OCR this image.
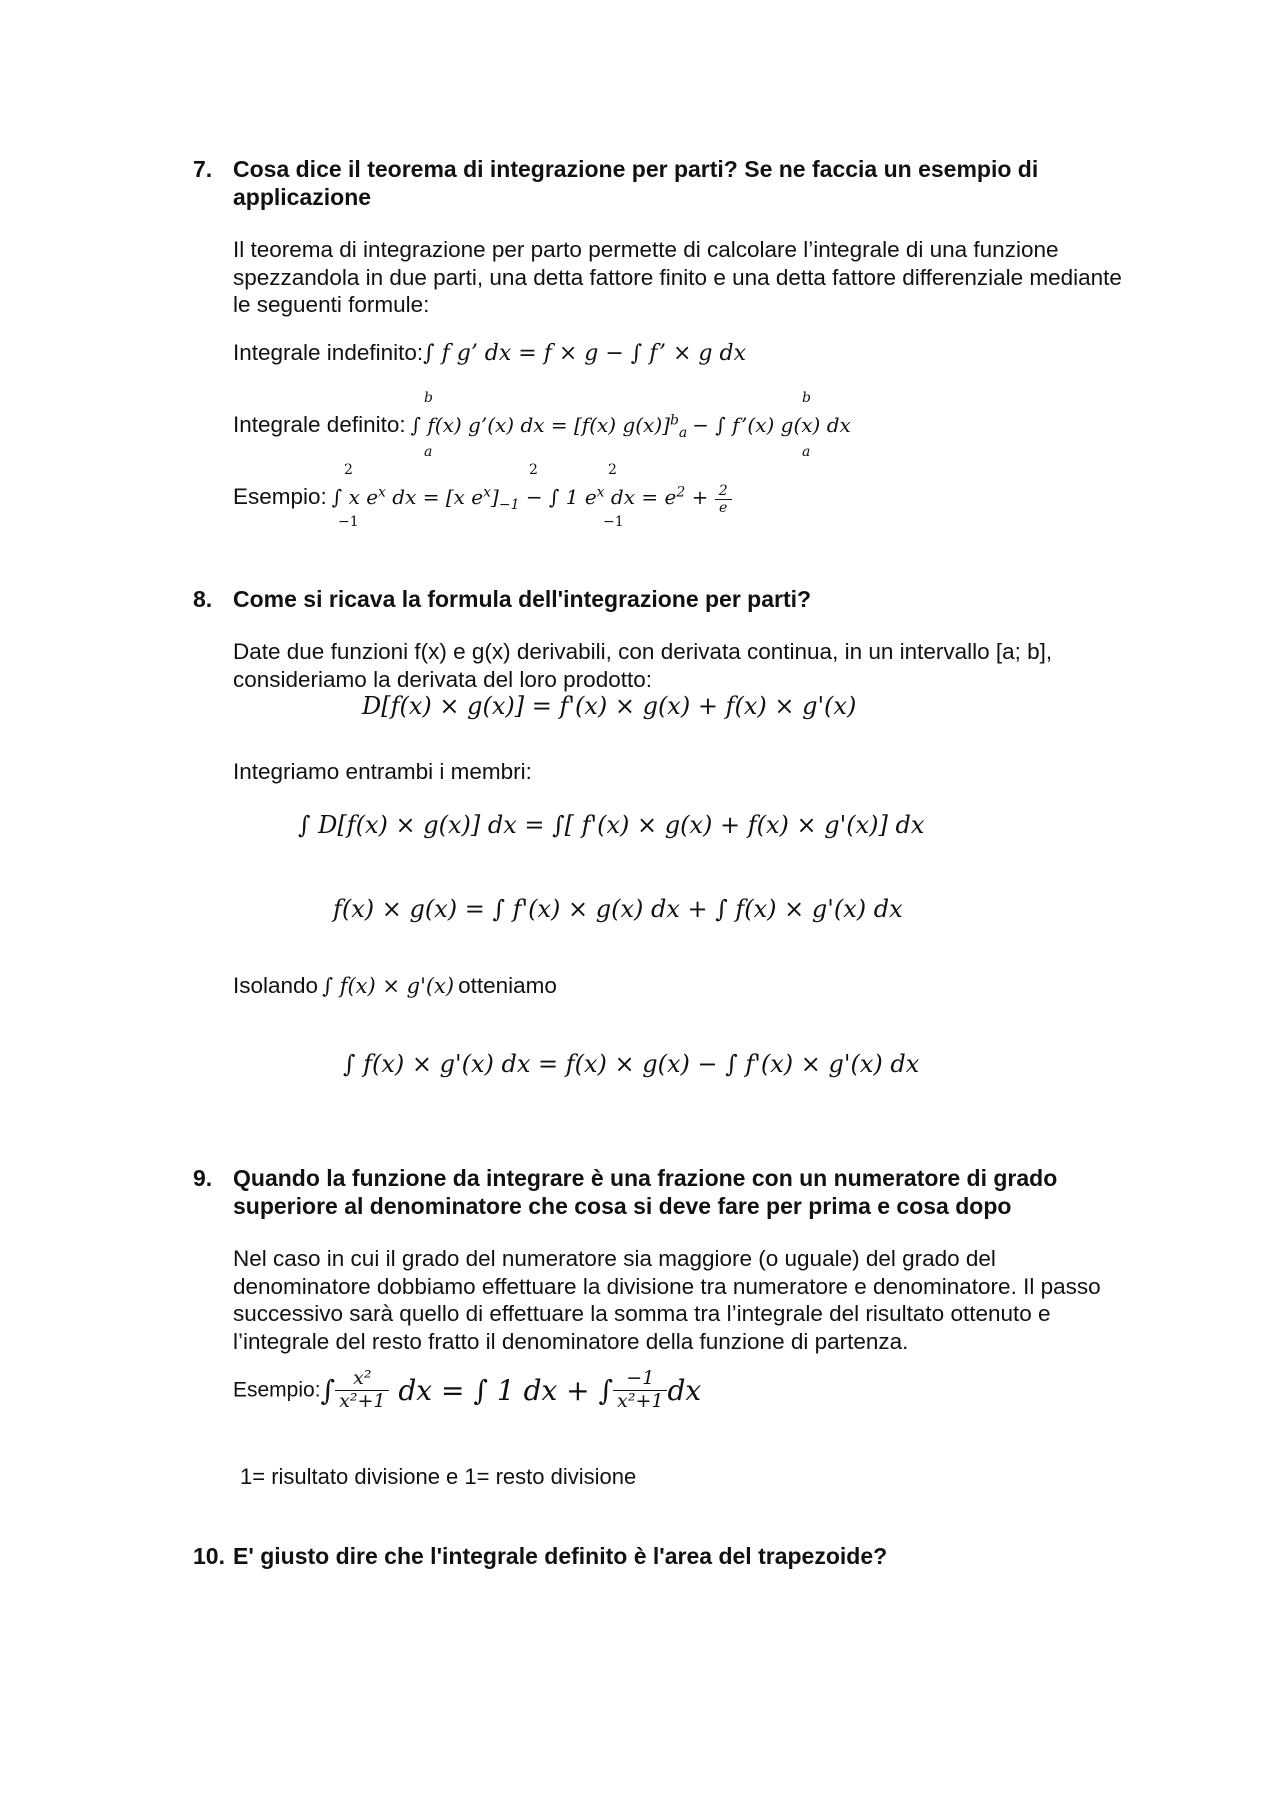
7. Cosa dice il teorema di integrazione per parti? Se ne faccia un esempio di applicazione
Il teorema di integrazione per parto permette di calcolare l’integrale di una funzione spezzandola in due parti, una detta fattore finito e una detta fattore differenziale mediante le seguenti formule:
Integrale indefinito:∫ f g’ dx = f × g − ∫ f’ × g dx
Integrale definito: ∫ f(x) g’(x) dx = [f(x) g(x)]$^b_a$ − ∫ f’(x) g(x) dx
b
a
b
a
Esempio: ∫ x $e^x$ dx = [x $e^x]_{-1}$ − ∫ 1 $e^x$ dx = $e^2 + \frac{2}{e}$
2
−1
2	2
−1
8. Come si ricava la formula dell'integrazione per parti?
Date due funzioni f(x) e g(x) derivabili, con derivata continua, in un intervallo [a; b], consideriamo la derivata del loro prodotto:
D[f(x) × g(x)] = f'(x) × g(x) + f(x) × g'(x)
Integriamo entrambi i membri:
∫ D[f(x) × g(x)] dx = ∫[ f'(x) × g(x) + f(x) × g'(x)] dx
f(x) × g(x) = ∫ f'(x) × g(x) dx + ∫ f(x) × g'(x) dx
Isolando ∫ f(x) × g'(x) otteniamo
∫ f(x) × g'(x) dx = f(x) × g(x) − ∫ f'(x) × g'(x) dx
9. Quando la funzione da integrare è una frazione con un numeratore di grado superiore al denominatore che cosa si deve fare per prima e cosa dopo
Nel caso in cui il grado del numeratore sia maggiore (o uguale) del grado del denominatore dobbiamo effettuare la divisione tra numeratore e denominatore. Il passo successivo sarà quello di effettuare la somma tra l’integrale del risultato ottenuto e l’integrale del resto fratto il denominatore della funzione di partenza.
Esempio:∫ $\frac{\text{x²}}{\text{x²+1}}$ dx = ∫ 1 dx + ∫ $\frac{-1}{\text{x²+1}}$ dx
1= risultato divisione e 1= resto divisione
10. E' giusto dire che l'integrale definito è l'area del trapezoide?
